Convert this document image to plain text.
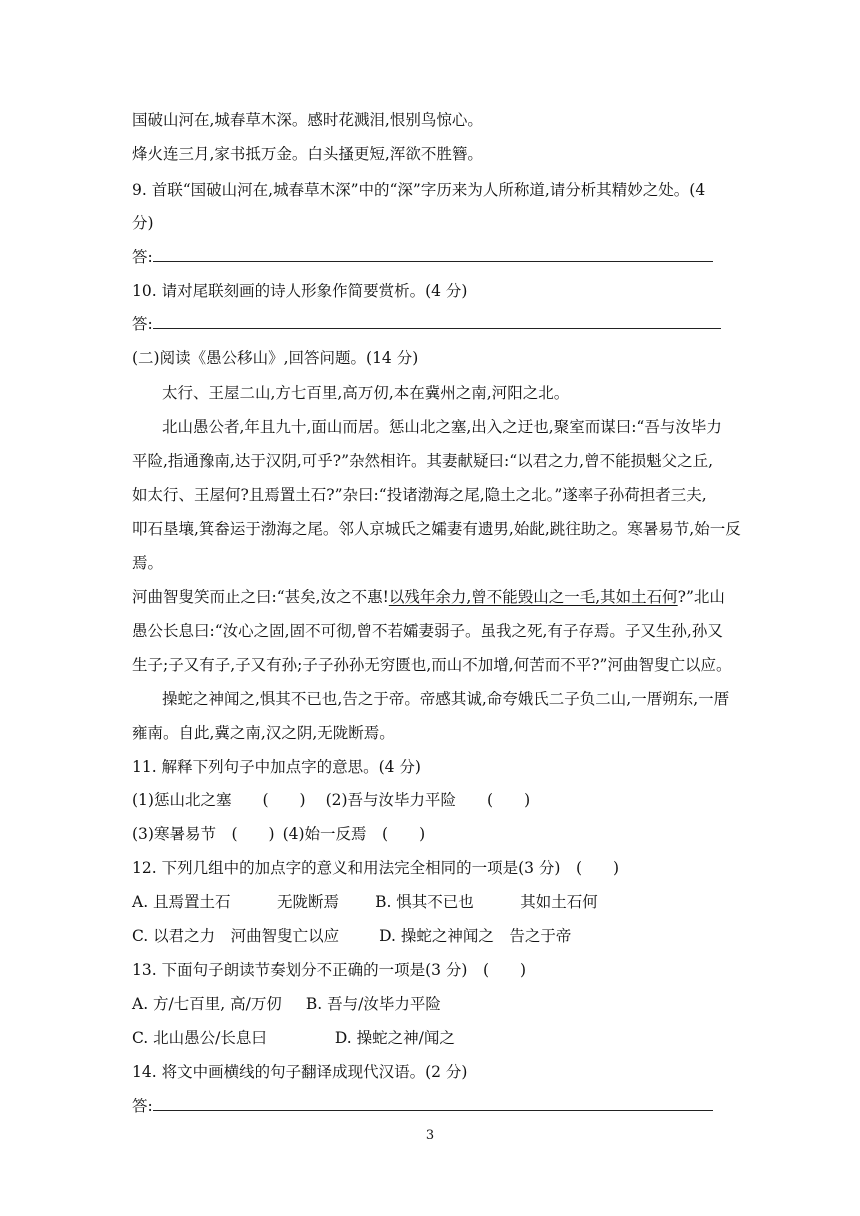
国破山河在,城春草木深。感时花溅泪,恨别鸟惊心。
烽火连三月,家书抵万金。白头搔更短,浑欲不胜簪。
9. 首联“国破山河在,城春草木深”中的“深”字历来为人所称道,请分析其精妙之处。(4
分)
答:
10. 请对尾联刻画的诗人形象作简要赏析。(4 分)
答:
(二)阅读《愚公移山》,回答问题。(14 分)
太行、王屋二山,方七百里,高万仞,本在冀州之南,河阳之北。
北山愚公者,年且九十,面山而居。惩山北之塞,出入之迂也,聚室而谋曰:“吾与汝毕力
平险,指通豫南,达于汉阴,可乎?”杂然相许。其妻献疑曰:“以君之力,曾不能损魁父之丘,
如太行、王屋何?且焉置土石?”杂曰:“投诸渤海之尾,隐土之北。”遂率子孙荷担者三夫,
叩石垦壤,箕畚运于渤海之尾。邻人京城氏之孀妻有遗男,始龀,跳往助之。寒暑易节,始一反
焉。
河曲智叟笑而止之曰:“甚矣,汝之不惠!以残年余力,曾不能毁山之一毛,其如土石何?”北山
愚公长息曰:“汝心之固,固不可彻,曾不若孀妻弱子。虽我之死,有子存焉。子又生孙,孙又
生子;子又有子,子又有孙;子子孙孙无穷匮也,而山不加增,何苦而不平?”河曲智叟亡以应。
操蛇之神闻之,惧其不已也,告之于帝。帝感其诚,命夸娥氏二子负二山,一厝朔东,一厝
雍南。自此,冀之南,汉之阴,无陇断焉。
11. 解释下列句子中加点字的意思。(4 分)
(1)惩山北之塞　　(　　) (2)吾与汝毕力平险　　(　　)
(3)寒暑易节　(　　) (4)始一反焉　(　　)
12. 下列几组中的加点字的意义和用法完全相同的一项是(3 分)　(　　)
A. 且焉置土石　　　无陇断焉 B. 惧其不已也　　　其如土石何
C. 以君之力　河曲智叟亡以应	D. 操蛇之神闻之　告之于帝
13. 下面句子朗读节奏划分不正确的一项是(3 分)　(　　)
A. 方/七百里, 高/万仞 B. 吾与/汝毕力平险
C. 北山愚公/长息曰	D. 操蛇之神/闻之
14. 将文中画横线的句子翻译成现代汉语。(2 分)
答:
3
